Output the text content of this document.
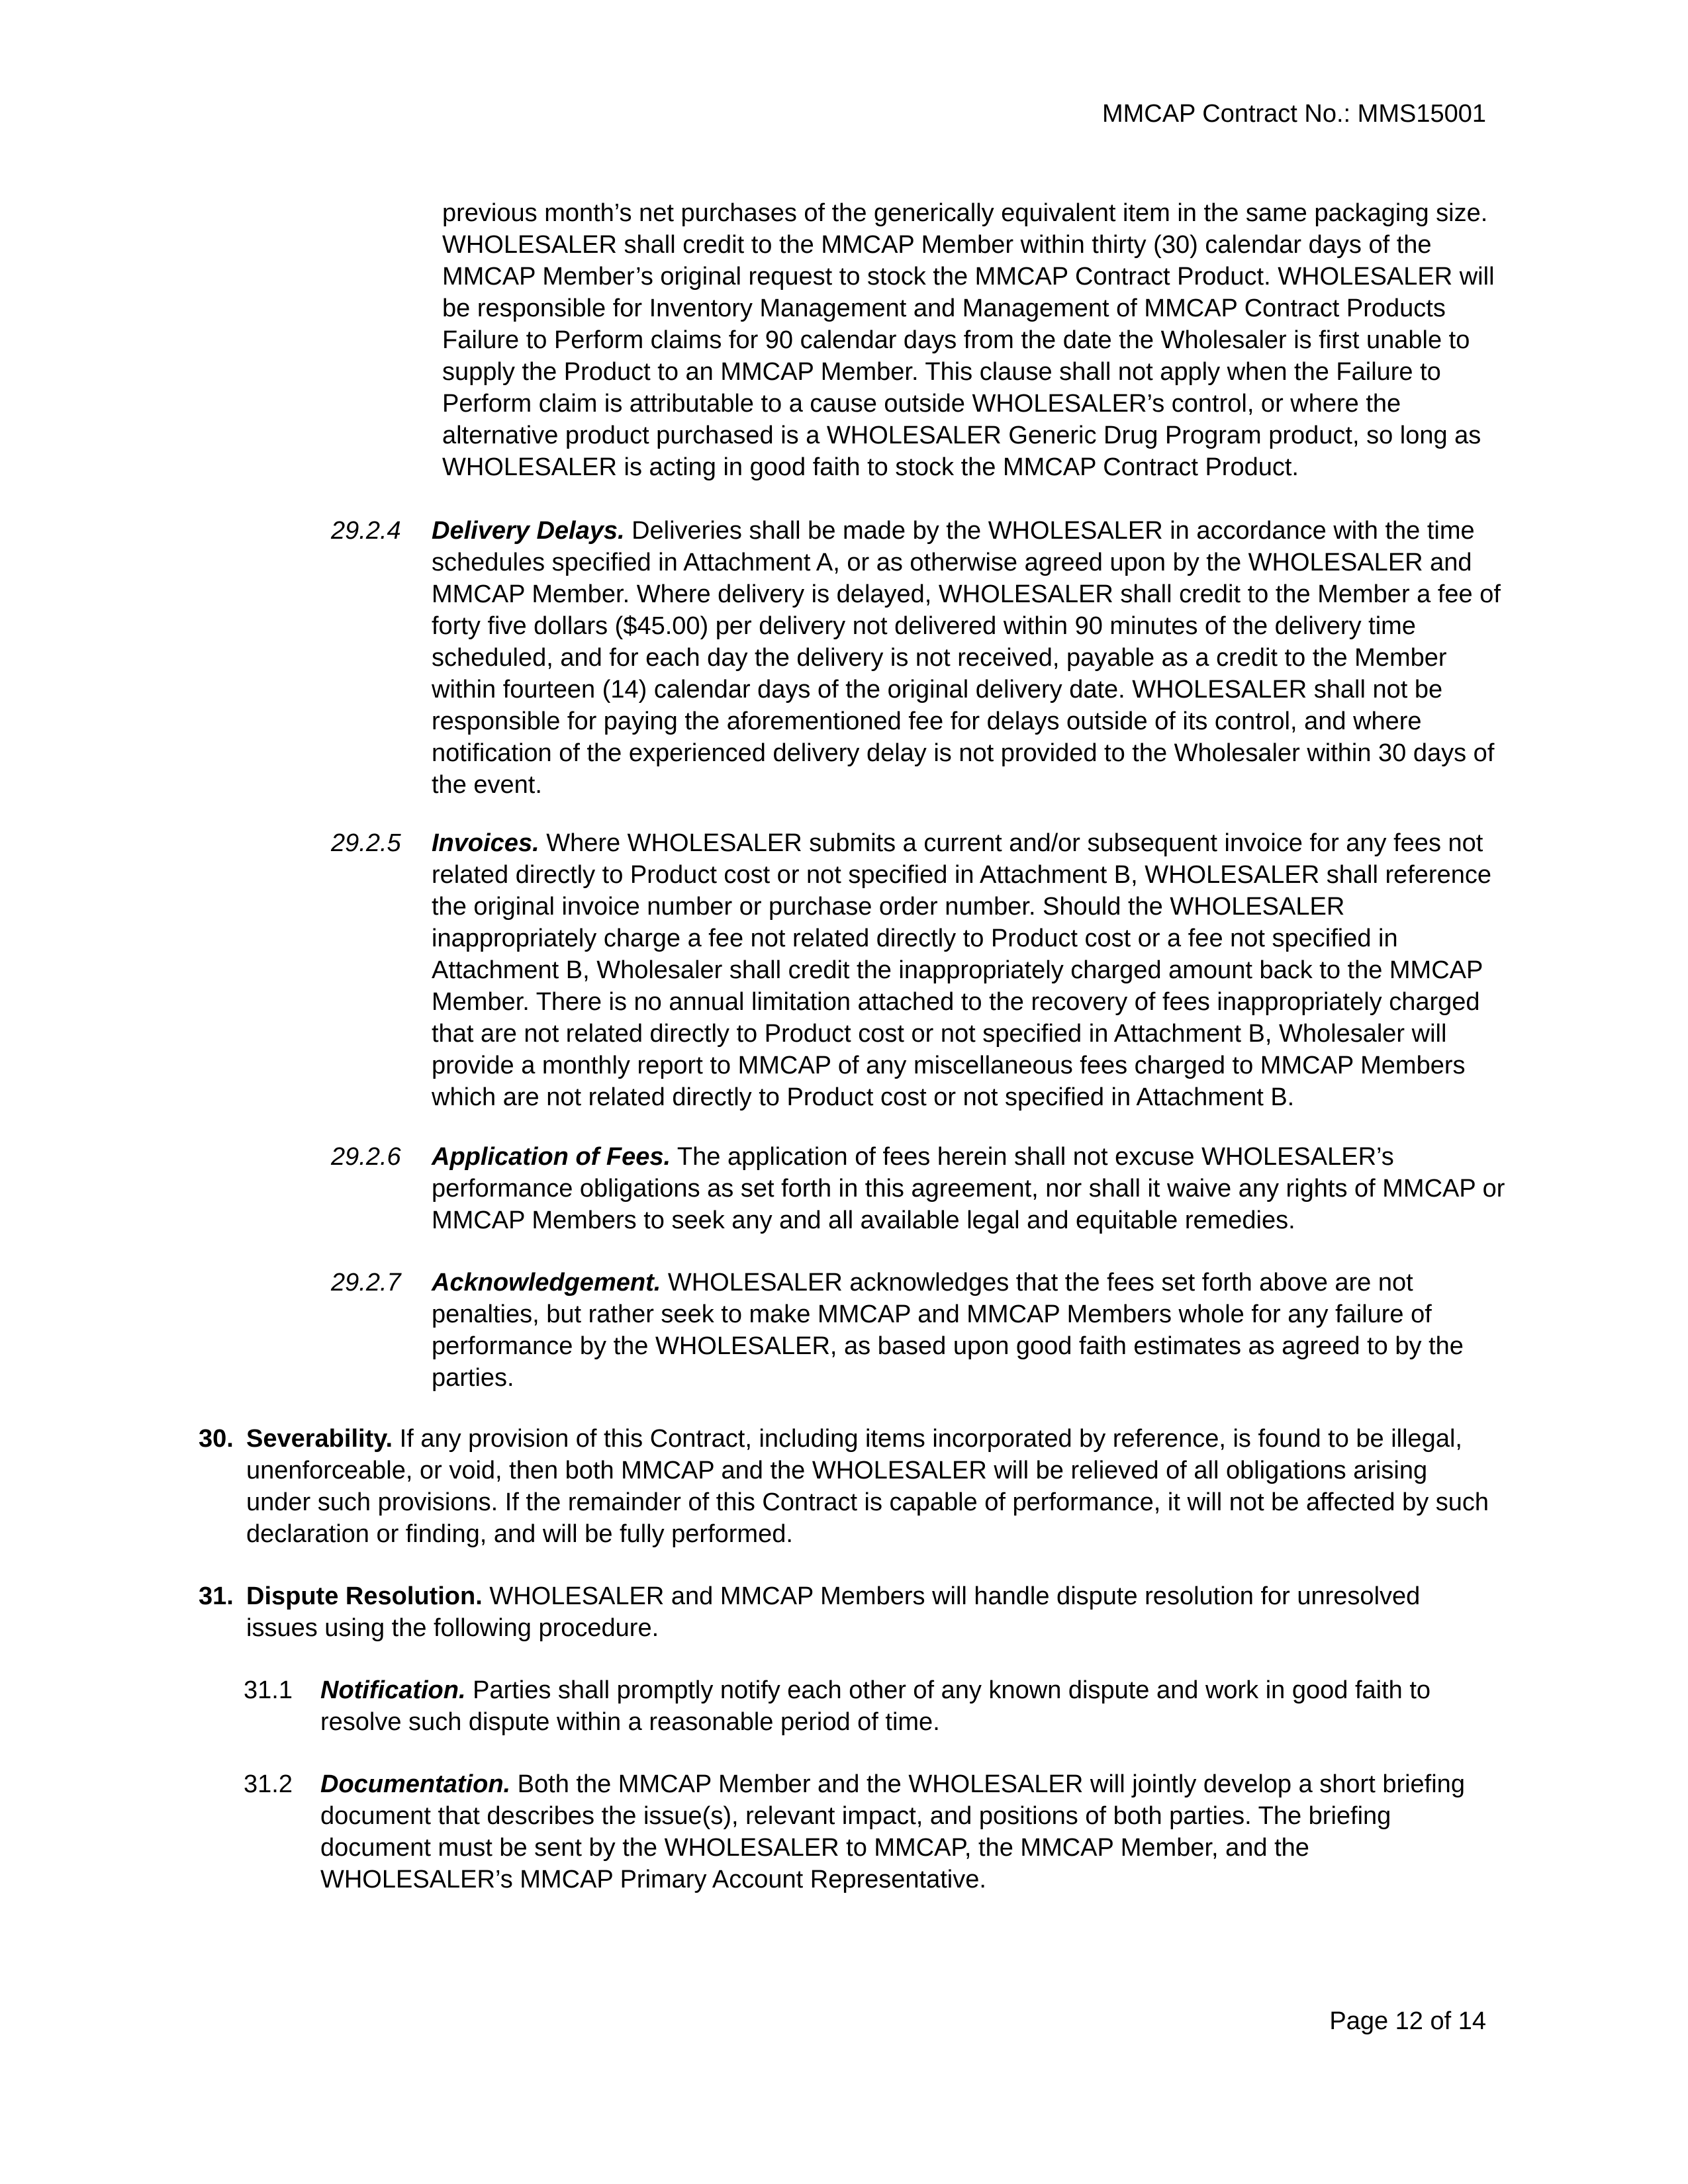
MMCAP Contract No.: MMS15001
previous month’s net purchases of the generically equivalent item in the same packaging size. WHOLESALER shall credit to the MMCAP Member within thirty (30) calendar days of the MMCAP Member’s original request to stock the MMCAP Contract Product. WHOLESALER will be responsible for Inventory Management and Management of MMCAP Contract Products Failure to Perform claims for 90 calendar days from the date the Wholesaler is first unable to supply the Product to an MMCAP Member. This clause shall not apply when the Failure to Perform claim is attributable to a cause outside WHOLESALER’s control, or where the alternative product purchased is a WHOLESALER Generic Drug Program product, so long as WHOLESALER is acting in good faith to stock the MMCAP Contract Product.
29.2.4 Delivery Delays. Deliveries shall be made by the WHOLESALER in accordance with the time schedules specified in Attachment A, or as otherwise agreed upon by the WHOLESALER and MMCAP Member. Where delivery is delayed, WHOLESALER shall credit to the Member a fee of forty five dollars ($45.00) per delivery not delivered within 90 minutes of the delivery time scheduled, and for each day the delivery is not received, payable as a credit to the Member within fourteen (14) calendar days of the original delivery date. WHOLESALER shall not be responsible for paying the aforementioned fee for delays outside of its control, and where notification of the experienced delivery delay is not provided to the Wholesaler within 30 days of the event.
29.2.5 Invoices. Where WHOLESALER submits a current and/or subsequent invoice for any fees not related directly to Product cost or not specified in Attachment B, WHOLESALER shall reference the original invoice number or purchase order number. Should the WHOLESALER inappropriately charge a fee not related directly to Product cost or a fee not specified in Attachment B, Wholesaler shall credit the inappropriately charged amount back to the MMCAP Member. There is no annual limitation attached to the recovery of fees inappropriately charged that are not related directly to Product cost or not specified in Attachment B, Wholesaler will provide a monthly report to MMCAP of any miscellaneous fees charged to MMCAP Members which are not related directly to Product cost or not specified in Attachment B.
29.2.6 Application of Fees. The application of fees herein shall not excuse WHOLESALER’s performance obligations as set forth in this agreement, nor shall it waive any rights of MMCAP or MMCAP Members to seek any and all available legal and equitable remedies.
29.2.7 Acknowledgement. WHOLESALER acknowledges that the fees set forth above are not penalties, but rather seek to make MMCAP and MMCAP Members whole for any failure of performance by the WHOLESALER, as based upon good faith estimates as agreed to by the parties.
30. Severability. If any provision of this Contract, including items incorporated by reference, is found to be illegal, unenforceable, or void, then both MMCAP and the WHOLESALER will be relieved of all obligations arising under such provisions. If the remainder of this Contract is capable of performance, it will not be affected by such declaration or finding, and will be fully performed.
31. Dispute Resolution. WHOLESALER and MMCAP Members will handle dispute resolution for unresolved issues using the following procedure.
31.1 Notification. Parties shall promptly notify each other of any known dispute and work in good faith to resolve such dispute within a reasonable period of time.
31.2 Documentation. Both the MMCAP Member and the WHOLESALER will jointly develop a short briefing document that describes the issue(s), relevant impact, and positions of both parties. The briefing document must be sent by the WHOLESALER to MMCAP, the MMCAP Member, and the WHOLESALER’s MMCAP Primary Account Representative.
Page 12 of 14
